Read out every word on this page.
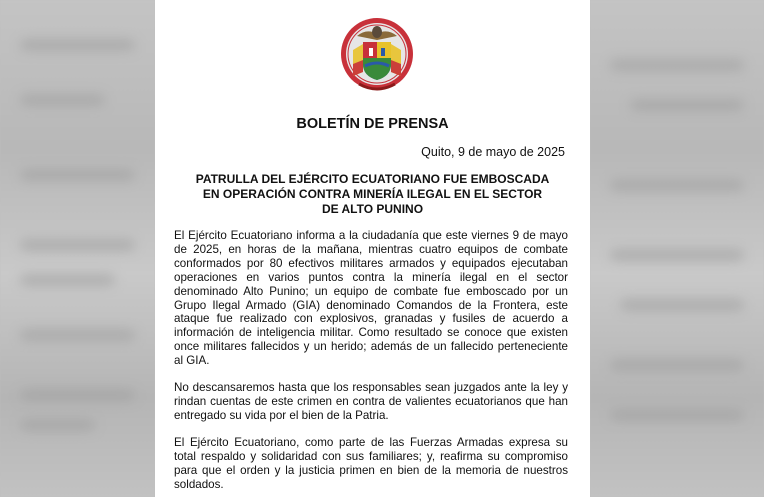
BOLETÍN DE PRENSA
Quito, 9 de mayo de 2025
PATRULLA DEL EJÉRCITO ECUATORIANO FUE EMBOSCADA EN OPERACIÓN CONTRA MINERÍA ILEGAL EN EL SECTOR DE ALTO PUNINO

El Ejército Ecuatoriano informa a la ciudadanía que este viernes 9 de mayo de 2025, en horas de la mañana, mientras cuatro equipos de combate conformados por 80 efectivos militares armados y equipados ejecutaban operaciones en varios puntos contra la minería ilegal en el sector denominado Alto Punino; un equipo de combate fue emboscado por un Grupo Ilegal Armado (GIA) denominado Comandos de la Frontera, este ataque fue realizado con explosivos, granadas y fusiles de acuerdo a información de inteligencia militar. Como resultado se conoce que existen once militares fallecidos y un herido; además de un fallecido perteneciente al GIA.

No descansaremos hasta que los responsables sean juzgados ante la ley y rindan cuentas de este crimen en contra de valientes ecuatorianos que han entregado su vida por el bien de la Patria.

El Ejército Ecuatoriano, como parte de las Fuerzas Armadas expresa su total respaldo y solidaridad con sus familiares; y, reafirma su compromiso para que el orden y la justicia primen en bien de la memoria de nuestros soldados.
